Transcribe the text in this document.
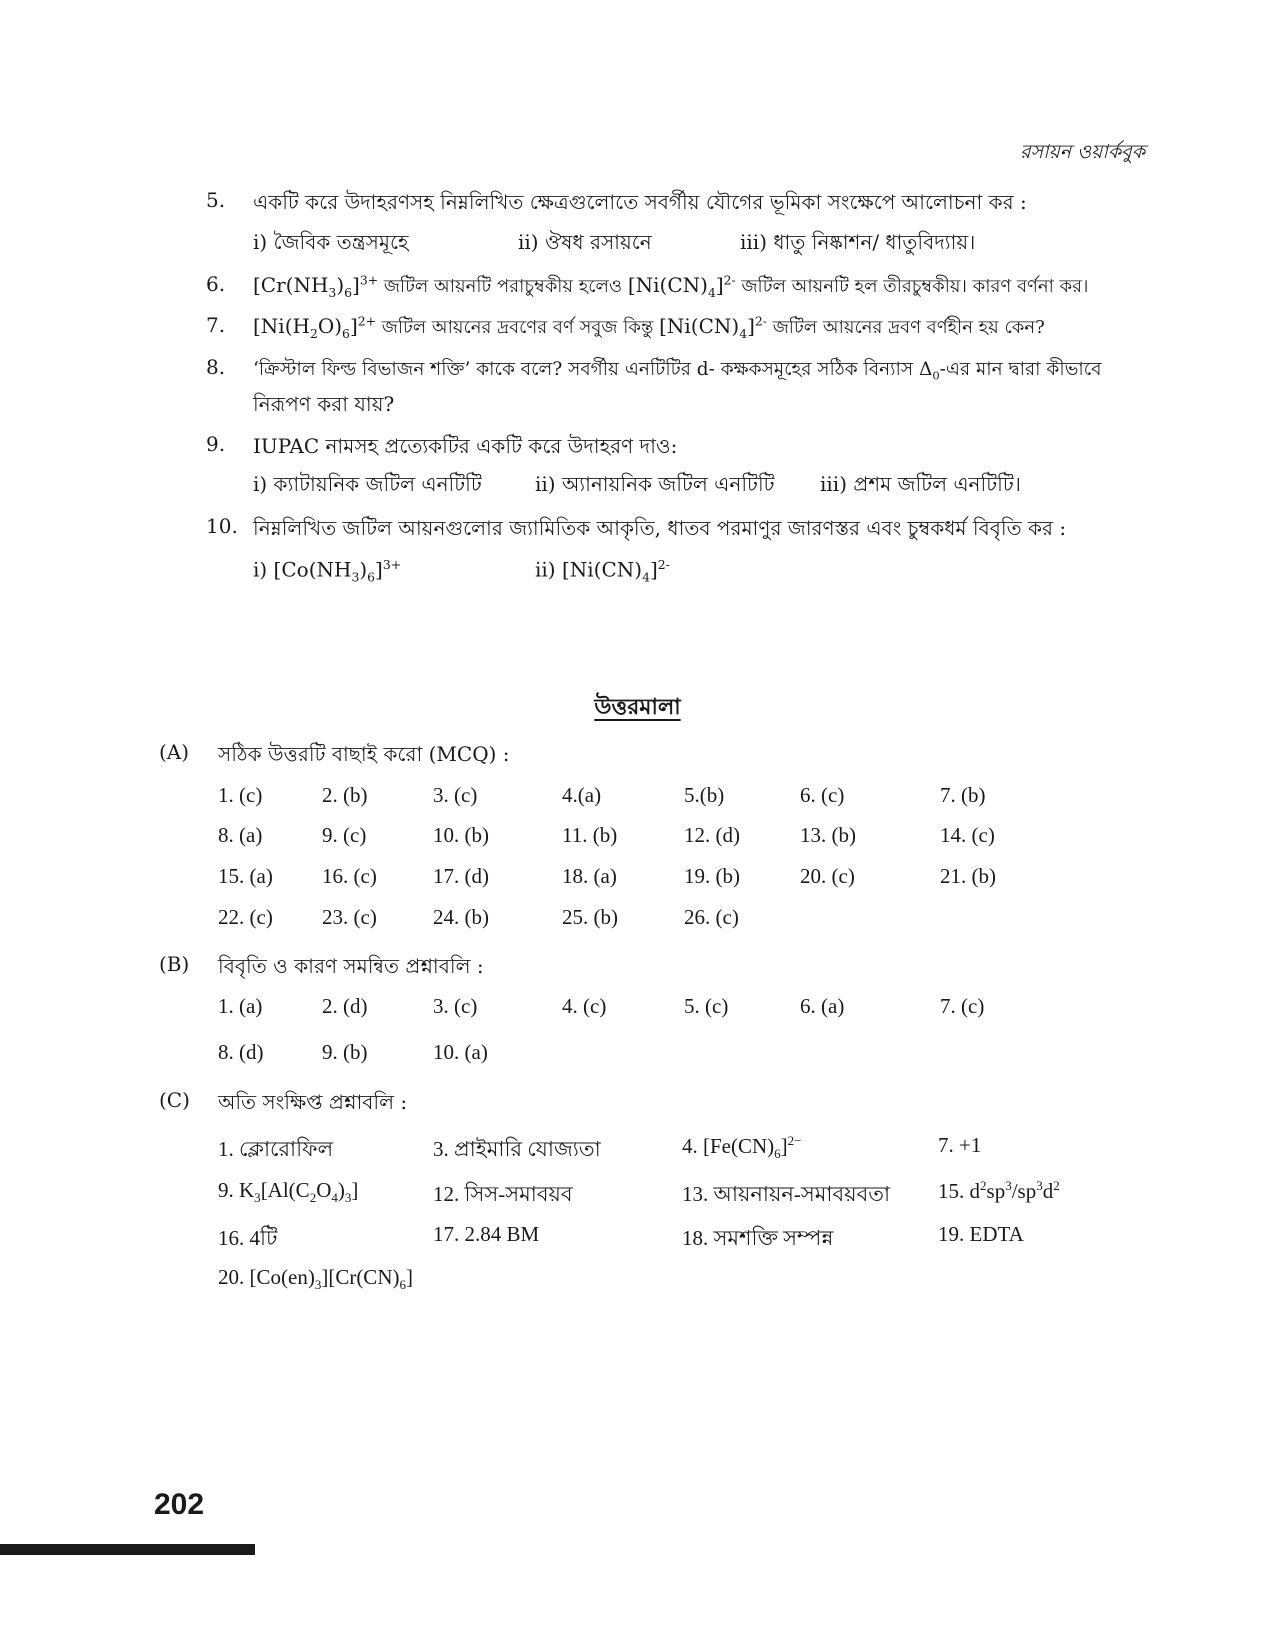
রসায়ন ওয়ার্কবুক
5. একটি করে উদাহরণসহ নিম্নলিখিত ক্ষেত্রগুলোতে সবর্গীয় যৌগের ভূমিকা সংক্ষেপে আলোচনা কর :
i) জৈবিক তন্ত্রসমূহে	ii) ঔষধ রসায়নে	iii) ধাতু নিষ্কাশন/ ধাতুবিদ্যায়।
6. $[Cr(NH_3)_6]^{3+}$ জটিল আয়নটি পরাচুম্বকীয় হলেও $[Ni(CN)_4]^{2-}$ জটিল আয়নটি হল তীরচুম্বকীয়। কারণ বর্ণনা কর।
7. $[Ni(H_2O)_6]^{2+}$ জটিল আয়নের দ্রবণের বর্ণ সবুজ কিন্তু $[Ni(CN)_4]^{2-}$ জটিল আয়নের দ্রবণ বর্ণহীন হয় কেন?
8. ‘ক্রিস্টাল ফিল্ড বিভাজন শক্তি’ কাকে বলে? সবর্গীয় এনটিটির d- কক্ষকসমূহের সঠিক বিন্যাস $\Delta_0-এর$ মান দ্বারা কীভাবে
নিরূপণ করা যায়?
9. IUPAC নামসহ প্রত্যেকটির একটি করে উদাহরণ দাও:
i) ক্যাটায়নিক জটিল এনটিটি	ii) অ্যানায়নিক জটিল এনটিটি iii) প্রশম জটিল এনটিটি।
10. নিম্নলিখিত জটিল আয়নগুলোর জ্যামিতিক আকৃতি, ধাতব পরমাণুর জারণস্তর এবং চুম্বকধর্ম বিবৃতি কর :
i) $[Co(NH_3)_6]^{3+}$	ii) $[Ni(CN)_4]^{2-}$
উত্তরমালা
(A) সঠিক উত্তরটি বাছাই করো (MCQ) :
1. (c)	2. (b)	3. (c)	4.(a)	5.(b)	6. (c)	7. (b)
8. (a)	9. (c)	10. (b)	11. (b)	12. (d)	13. (b)	14. (c)
15. (a) 16. (c)	17. (d)	18. (a)	19. (b)	20. (c)	21. (b)
22. (c) 23. (c)	24. (b)	25. (b)	26. (c)
(B) বিবৃতি ও কারণ সমন্বিত প্রশ্নাবলি :
1. (a)	2. (d)	3. (c)	4. (c)	5. (c)	6. (a)	7. (c)
8. (d)	9. (b)	10. (a)
(C) অতি সংক্ষিপ্ত প্রশ্নাবলি :
1. ক্লোরোফিল	3. প্রাইমারি যোজ্যতা	4. $[Fe(CN)_6]^{2-}$	7. +1
9. $K_3[Al(C_2O_4)_3]$	12. সিস-সমাবয়ব	13. আয়নায়ন-সমাবয়বতা 15. $d^2sp^3/sp^3d^2$
16. 4টি	17. 2.84 BM	18. সমশক্তি সম্পন্ন	19. EDTA
20. $[Co(en)_3][Cr(CN)_6]$
202
